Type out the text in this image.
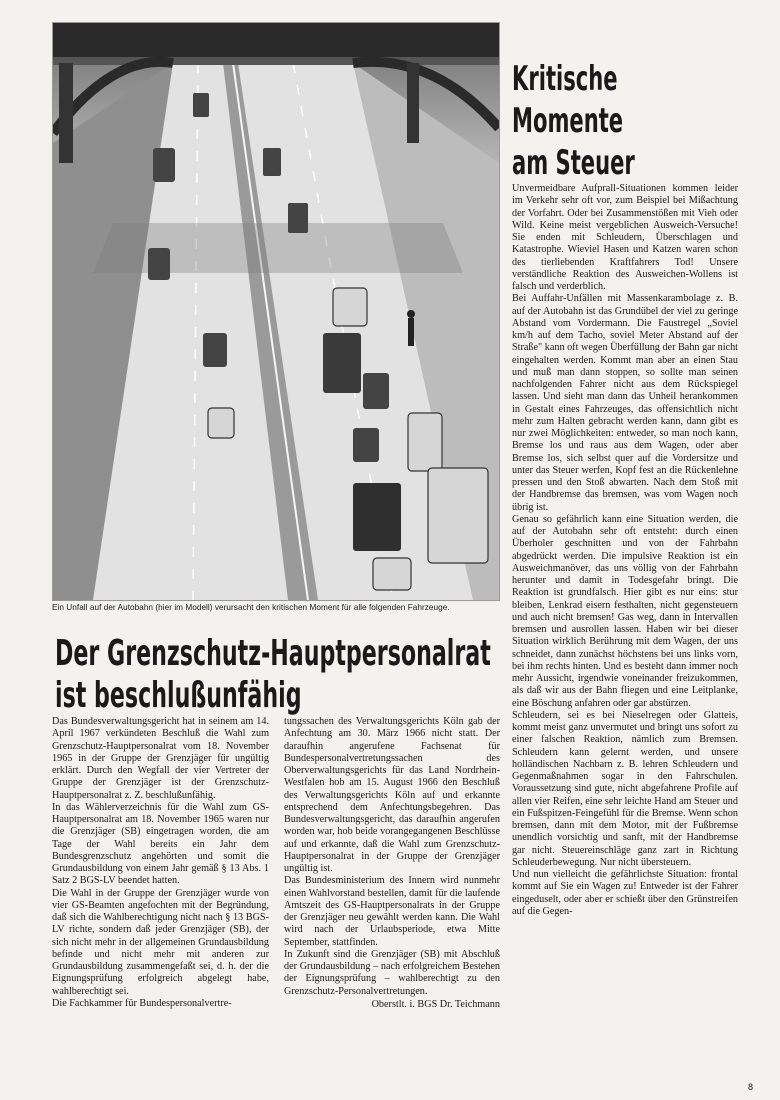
Ein Unfall auf der Autobahn (hier im Modell) verursacht den kritischen Moment für alle folgenden Fahrzeuge.
Kritische
Momente
am Steuer
Der Grenzschutz-Hauptpersonalrat
ist beschlußunfähig

Das Bundesverwaltungsgericht hat in seinem am 14. April 1967 verkündeten Beschluß die Wahl zum Grenzschutz-Hauptpersonalrat vom 18. November 1965 in der Gruppe der Grenzjäger für ungültig erklärt. Durch den Wegfall der vier Vertreter der Gruppe der Grenzjäger ist der Grenzschutz-Hauptpersonalrat z. Z. beschlußunfähig.

In das Wählerverzeichnis für die Wahl zum GS-Hauptpersonalrat am 18. November 1965 waren nur die Grenzjäger (SB) eingetragen worden, die am Tage der Wahl bereits ein Jahr dem Bundesgrenzschutz angehörten und somit die Grundausbildung von einem Jahr gemäß § 13 Abs. 1 Satz 2 BGS-LV beendet hatten.

Die Wahl in der Gruppe der Grenzjäger wurde von vier GS-Beamten angefochten mit der Begründung, daß sich die Wahlberechtigung nicht nach § 13 BGS-LV richte, sondern daß jeder Grenzjäger (SB), der sich nicht mehr in der allgemeinen Grundausbildung befinde und nicht mehr mit anderen zur Grundausbildung zusammengefaßt sei, d. h. der die Eignungsprüfung erfolgreich abgelegt habe, wahlberechtigt sei.

Die Fachkammer für Bundespersonalvertre-

tungssachen des Verwaltungsgerichts Köln gab der Anfechtung am 30. März 1966 nicht statt. Der daraufhin angerufene Fachsenat für Bundespersonalvertretungssachen des Oberverwaltungsgerichts für das Land Nordrhein-Westfalen hob am 15. August 1966 den Beschluß des Verwaltungsgerichts Köln auf und erkannte entsprechend dem Anfechtungsbegehren. Das Bundesverwaltungsgericht, das daraufhin angerufen worden war, hob beide vorangegangenen Beschlüsse auf und erkannte, daß die Wahl zum Grenzschutz-Hauptpersonalrat in der Gruppe der Grenzjäger ungültig ist.

Das Bundesministerium des Innern wird nunmehr einen Wahlvorstand bestellen, damit für die laufende Amtszeit des GS-Hauptpersonalrats in der Gruppe der Grenzjäger neu gewählt werden kann. Die Wahl wird nach der Urlaubsperiode, etwa Mitte September, stattfinden.

In Zukunft sind die Grenzjäger (SB) mit Abschluß der Grundausbildung – nach erfolgreichem Bestehen der Eignungsprüfung – wahlberechtigt zu den Grenzschutz-Personalvertretungen.

Oberstlt. i. BGS Dr. Teichmann

Unvermeidbare Aufprall-Situationen kommen leider im Verkehr sehr oft vor, zum Beispiel bei Mißachtung der Vorfahrt. Oder bei Zusammenstößen mit Vieh oder Wild. Keine meist vergeblichen Ausweich-Versuche! Sie enden mit Schleudern, Überschlagen und Katastrophe. Wieviel Hasen und Katzen waren schon des tierliebenden Kraftfahrers Tod! Unsere verständliche Reaktion des Ausweichen-Wollens ist falsch und verderblich.

Bei Auffahr-Unfällen mit Massenkarambolage z. B. auf der Autobahn ist das Grundübel der viel zu geringe Abstand vom Vordermann. Die Faustregel „Soviel km/h auf dem Tacho, soviel Meter Abstand auf der Straße" kann oft wegen Überfüllung der Bahn gar nicht eingehalten werden. Kommt man aber an einen Stau und muß man dann stoppen, so sollte man seinen nachfolgenden Fahrer nicht aus dem Rückspiegel lassen. Und sieht man dann das Unheil herankommen in Gestalt eines Fahrzeuges, das offensichtlich nicht mehr zum Halten gebracht werden kann, dann gibt es nur zwei Möglichkeiten: entweder, so man noch kann, Bremse los und raus aus dem Wagen, oder aber Bremse los, sich selbst quer auf die Vordersitze und unter das Steuer werfen, Kopf fest an die Rückenlehne pressen und den Stoß abwarten. Nach dem Stoß mit der Handbremse das bremsen, was vom Wagen noch übrig ist.

Genau so gefährlich kann eine Situation werden, die auf der Autobahn sehr oft entsteht: durch einen Überholer geschnitten und von der Fahrbahn abgedrückt werden. Die impulsive Reaktion ist ein Ausweichmanöver, das uns völlig von der Fahrbahn herunter und damit in Todesgefahr bringt. Die Reaktion ist grundfalsch. Hier gibt es nur eins: stur bleiben, Lenkrad eisern festhalten, nicht gegensteuern und auch nicht bremsen! Gas weg, dann in Intervallen bremsen und ausrollen lassen. Haben wir bei dieser Situation wirklich Berührung mit dem Wagen, der uns schneidet, dann zunächst höchstens bei uns links vorn, bei ihm rechts hinten. Und es besteht dann immer noch mehr Aussicht, irgendwie voneinander freizukommen, als daß wir aus der Bahn fliegen und eine Leitplanke, eine Böschung anfahren oder gar abstürzen.

Schleudern, sei es bei Nieselregen oder Glatteis, kommt meist ganz unvermutet und bringt uns sofort zu einer falschen Reaktion, nämlich zum Bremsen. Schleudern kann gelernt werden, und unsere holländischen Nachbarn z. B. lehren Schleudern und Gegenmaßnahmen sogar in den Fahrschulen. Voraussetzung sind gute, nicht abgefahrene Profile auf allen vier Reifen, eine sehr leichte Hand am Steuer und ein Fußspitzen-Feingefühl für die Bremse. Wenn schon bremsen, dann mit dem Motor, mit der Fußbremse unendlich vorsichtig und sanft, mit der Handbremse gar nicht. Steuereinschläge ganz zart in Richtung Schleuderbewegung. Nur nicht übersteuern.

Und nun vielleicht die gefährlichste Situation: frontal kommt auf Sie ein Wagen zu! Entweder ist der Fahrer eingeduselt, oder aber er schießt über den Grünstreifen auf die Gegen-

8
